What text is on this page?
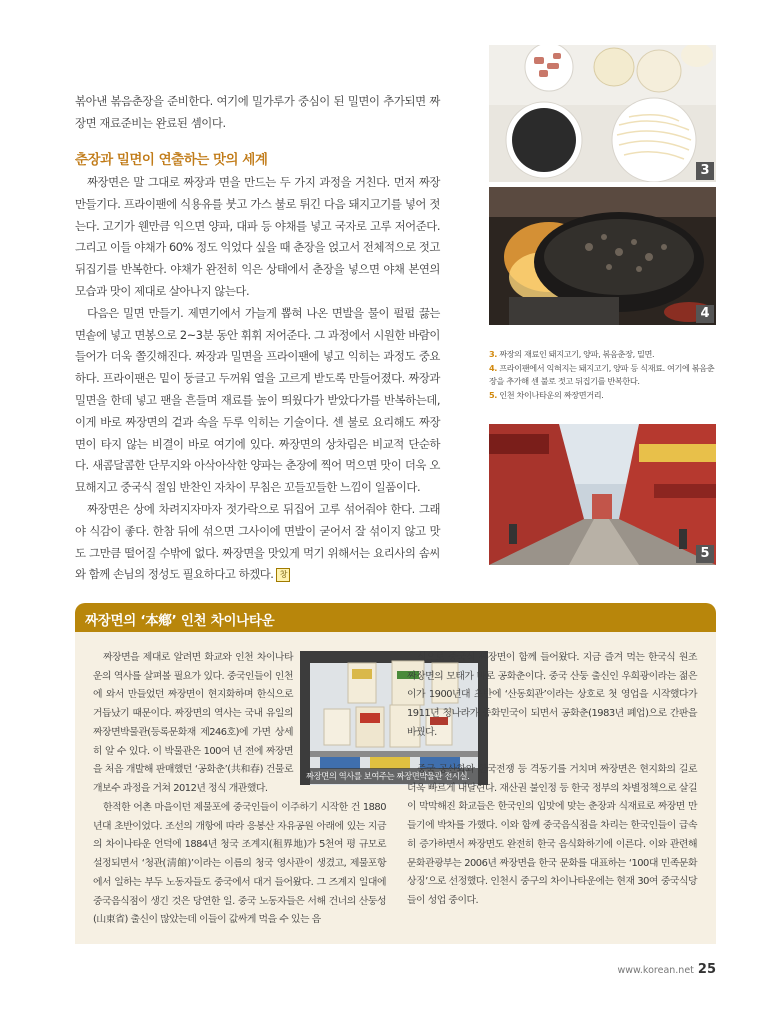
볶아낸 볶음춘장을 준비한다. 여기에 밀가루가 중심이 된 밀면이 추가되면 짜장면 재료준비는 완료된 셈이다.
춘장과 밀면이 연출하는 맛의 세계

짜장면은 말 그대로 짜장과 면을 만드는 두 가지 과정을 거친다. 먼저 짜장 만들기다. 프라이팬에 식용유를 붓고 가스 불로 튀긴 다음 돼지고기를 넣어 젓는다. 고기가 웬만큼 익으면 양파, 대파 등 야채를 넣고 국자로 고루 저어준다. 그리고 이들 야채가 60% 정도 익었다 싶을 때 춘장을 얹고서 전체적으로 젓고 뒤집기를 반복한다. 야채가 완전히 익은 상태에서 춘장을 넣으면 야채 본연의 모습과 맛이 제대로 살아나지 않는다.

다음은 밀면 만들기. 제면기에서 가늘게 뽑혀 나온 면발을 물이 펄펄 끓는 면솥에 넣고 면봉으로 2~3분 동안 휘휘 저어준다. 그 과정에서 시원한 바람이 들어가 더욱 쫄깃해진다. 짜장과 밀면을 프라이팬에 넣고 익히는 과정도 중요하다. 프라이팬은 밑이 둥글고 두꺼워 열을 고르게 받도록 만들어졌다. 짜장과 밀면을 한데 넣고 팬을 흔들며 재료를 높이 띄웠다가 받았다가를 반복하는데, 이게 바로 짜장면의 겉과 속을 두루 익히는 기술이다. 센 불로 요리해도 짜장면이 타지 않는 비결이 바로 여기에 있다. 짜장면의 상차림은 비교적 단순하다. 새콤달콤한 단무지와 아삭아삭한 양파는 춘장에 찍어 먹으면 맛이 더욱 오묘해지고 중국식 절임 반찬인 자차이 무침은 꼬들꼬들한 느낌이 일품이다.

짜장면은 상에 차려지자마자 젓가락으로 뒤집어 고루 섞어줘야 한다. 그래야 식감이 좋다. 한참 뒤에 섞으면 그사이에 면발이 굳어서 잘 섞이지 않고 맛도 그만큼 떨어질 수밖에 없다. 짜장면을 맛있게 먹기 위해서는 요리사의 솜씨와 함께 손님의 정성도 필요하다고 하겠다. 창

3
4
3. 짜장의 재료인 돼지고기, 양파, 볶음춘장, 밀면.
4. 프라이팬에서 익혀지는 돼지고기, 양파 등 식재료. 여기에 볶음춘장을 추가해 센 불로 젓고 뒤집기를 반복한다.
5. 인천 차이나타운의 짜장면거리.
5
짜장면의 ‘本鄕’ 인천 차이나타운

짜장면을 제대로 알려면 화교와 인천 차이나타운의 역사를 살펴볼 필요가 있다. 중국인들이 인천에 와서 만들었던 짜장면이 현지화하며 한식으로 거듭났기 때문이다. 짜장면의 역사는 국내 유일의 짜장면박물관(등록문화재 제246호)에 가면 상세히 알 수 있다. 이 박물관은 100여 년 전에 짜장면을 처음 개발해 판매했던 ‘공화춘’(共和春) 건물로 개보수 과정을 거쳐 2012년 정식 개관했다.

짜장면의 역사를 보여주는 짜장면박물관 전시실.

한적한 어촌 마을이던 제물포에 중국인들이 이주하기 시작한 건 1880년대 초반이었다. 조선의 개항에 따라 응봉산 자유공원 아래에 있는 지금의 차이나타운 언덕에 1884년 청국 조계지(租界地)가 5천여 평 규모로 설정되면서 ‘청관(淸館)’이라는 이름의 청국 영사관이 생겼고, 제물포항에서 일하는 부두 노동자들도 중국에서 대거 들어왔다. 그 즈계지 일대에 중국음식점이 생긴 것은 당연한 일. 중국 노동자들은 서해 건너의 산둥성(山東省) 출신이 많았는데 이들이 값싸게 먹을 수 있는 음

식으로 중국식 짜장면이 함께 들어왔다. 지금 즐겨 먹는 한국식 원조 짜장면의 모태가 바로 공화춘이다. 중국 산둥 출신인 우희광이라는 젊은이가 1900년대 초반에 ‘산동회관’이라는 상호로 첫 영업을 시작했다가 1911년 청나라가 중화민국이 되면서 공화춘(1983년 폐업)으로 간판을 바꿨다.

중국 공산화와 한국전쟁 등 격동기를 거치며 짜장면은 현지화의 길로 더욱 빠르게 내달린다. 재산권 불인정 등 한국 정부의 차별정책으로 살길이 막막해진 화교들은 한국인의 입맛에 맞는 춘장과 식재료로 짜장면 만들기에 박차를 가했다. 이와 함께 중국음식점을 차리는 한국인들이 급속히 증가하면서 짜장면도 완전히 한국 음식화하기에 이른다. 이와 관련해 문화관광부는 2006년 짜장면을 한국 문화를 대표하는 ‘100대 민족문화상징’으로 선정했다. 인천시 중구의 차이나타운에는 현재 30여 중국식당들이 성업 중이다.

www.korean.net 25
